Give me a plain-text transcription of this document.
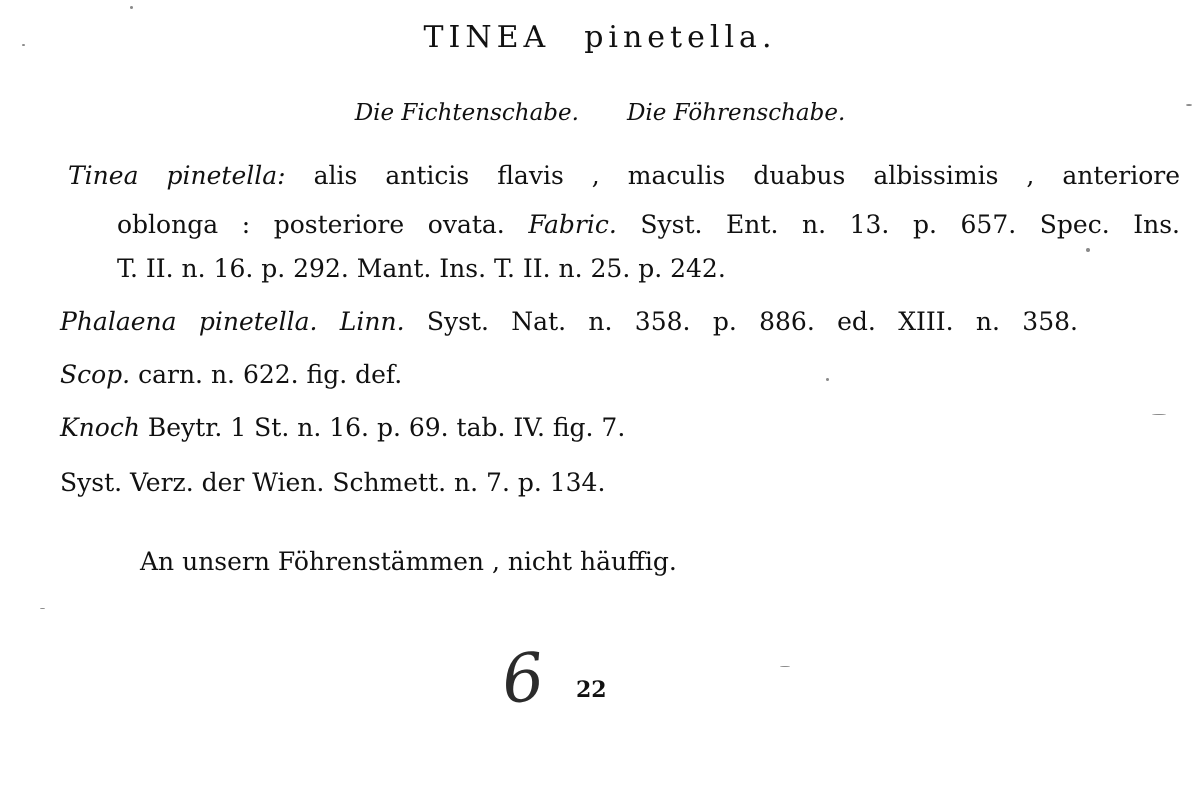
TINEA pinetella.
Die Fichtenschabe. Die Föhrenschabe.
Tinea pinetella: alis anticis flavis , maculis duabus albissimis , anteriore
oblonga : posteriore ovata. Fabric. Syst. Ent. n. 13. p. 657. Spec. Ins.
T. II. n. 16. p. 292. Mant. Ins. T. II. n. 25. p. 242.
Phalaena pinetella. Linn. Syst. Nat. n. 358. p. 886. ed. XIII. n. 358.
Scop. carn. n. 622. fig. def.
Knoch Beytr. 1 St. n. 16. p. 69. tab. IV. fig. 7.
Syst. Verz. der Wien. Schmett. n. 7. p. 134.
An unsern Föhrenstämmen , nicht häuffig.
6 22
